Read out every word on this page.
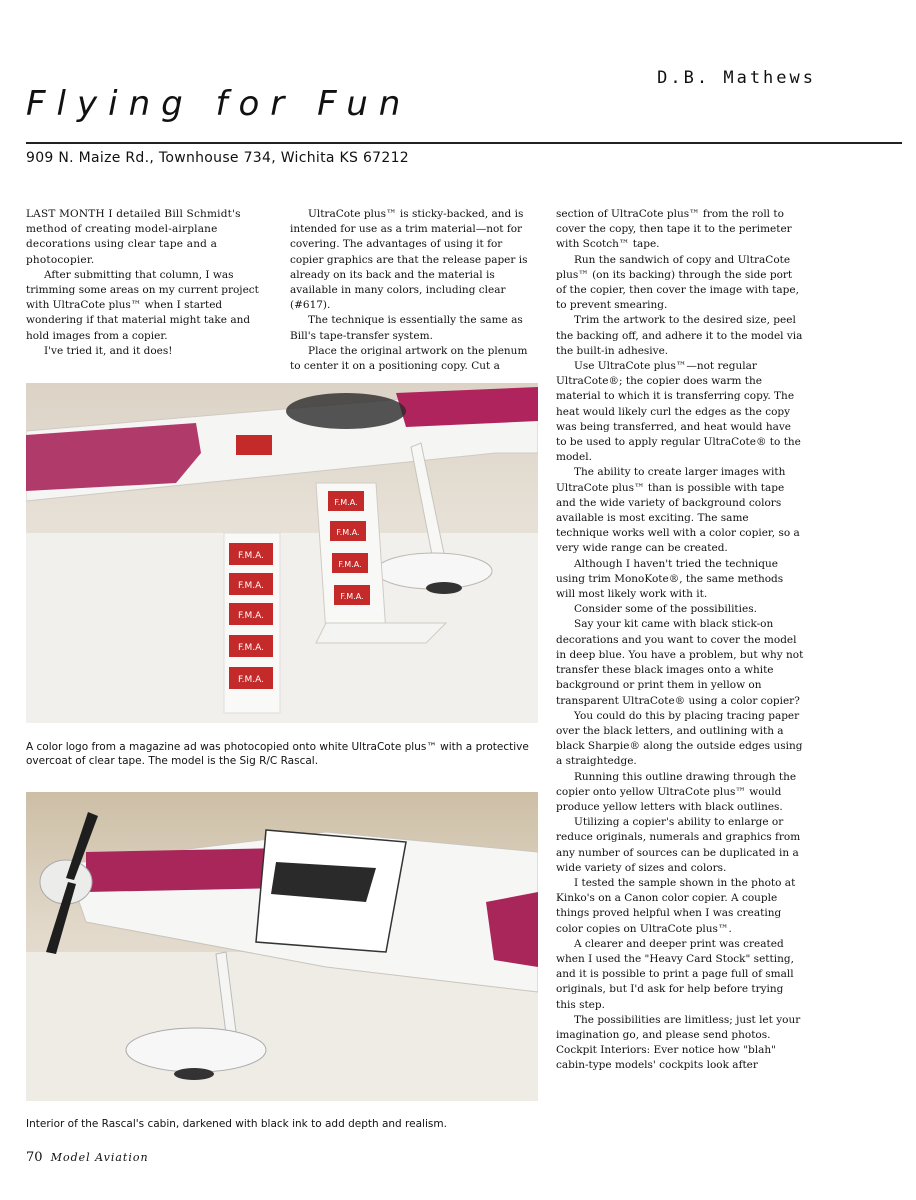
D.B. Mathews
Flying for Fun
909 N. Maize Rd., Townhouse 734, Wichita KS 67212

LAST MONTH I detailed Bill Schmidt's method of creating model-airplane decorations using clear tape and a photocopier.

After submitting that column, I was trimming some areas on my current project with UltraCote plus™ when I started wondering if that material might take and hold images from a copier.

I've tried it, and it does!

UltraCote plus™ is sticky-backed, and is intended for use as a trim material—not for covering. The advantages of using it for copier graphics are that the release paper is already on its back and the material is available in many colors, including clear (#617).

The technique is essentially the same as Bill's tape-transfer system.

Place the original artwork on the plenum to center it on a positioning copy. Cut a

section of UltraCote plus™ from the roll to cover the copy, then tape it to the perimeter with Scotch™ tape.

Run the sandwich of copy and UltraCote plus™ (on its backing) through the side port of the copier, then cover the image with tape, to prevent smearing.

Trim the artwork to the desired size, peel the backing off, and adhere it to the model via the built-in adhesive.

Use UltraCote plus™—not regular UltraCote®; the copier does warm the material to which it is transferring copy. The heat would likely curl the edges as the copy was being transferred, and heat would have to be used to apply regular UltraCote® to the model.

The ability to create larger images with UltraCote plus™ than is possible with tape and the wide variety of background colors available is most exciting. The same technique works well with a color copier, so a very wide range can be created.

Although I haven't tried the technique using trim MonoKote®, the same methods will most likely work with it.

Consider some of the possibilities.

Say your kit came with black stick-on decorations and you want to cover the model in deep blue. You have a problem, but why not transfer these black images onto a white background or print them in yellow on transparent UltraCote® using a color copier?

You could do this by placing tracing paper over the black letters, and outlining with a black Sharpie® along the outside edges using a straightedge.

Running this outline drawing through the copier onto yellow UltraCote plus™ would produce yellow letters with black outlines.

Utilizing a copier's ability to enlarge or reduce originals, numerals and graphics from any number of sources can be duplicated in a wide variety of sizes and colors.

I tested the sample shown in the photo at Kinko's on a Canon color copier. A couple things proved helpful when I was creating color copies on UltraCote plus™.

A clearer and deeper print was created when I used the "Heavy Card Stock" setting, and it is possible to print a page full of small originals, but I'd ask for help before trying this step.

The possibilities are limitless; just let your imagination go, and please send photos.

Cockpit Interiors: Ever notice how "blah" cabin-type models' cockpits look after

F.M.A.
F.M.A.
F.M.A.
F.M.A.
F.M.A.
F.M.A.
F.M.A.
F.M.A.
F.M.A.
A color logo from a magazine ad was photocopied onto white UltraCote plus™ with a protective overcoat of clear tape. The model is the Sig R/C Rascal.
Interior of the Rascal's cabin, darkened with black ink to add depth and realism.
70 Model Aviation
